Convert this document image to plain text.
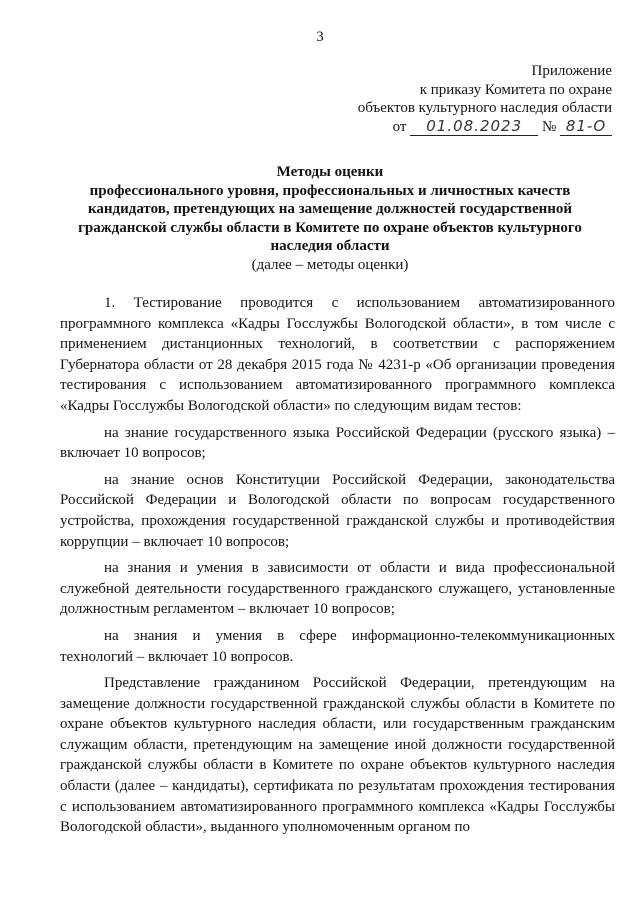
3
Приложение
к приказу Комитета по охране
объектов культурного наследия области
от
	01.08.2023
	№
81-О
Методы оценки
профессионального уровня, профессиональных и личностных качеств
кандидатов, претендующих на замещение должностей государственной
гражданской службы области в Комитете по охране объектов культурного
наследия области
(далее – методы оценки)

1. Тестирование проводится с использованием автоматизированного программного комплекса «Кадры Госслужбы Вологодской области», в том числе с применением дистанционных технологий, в соответствии с распоряжением Губернатора области от 28 декабря 2015 года № 4231-р «Об организации проведения тестирования с использованием автоматизированного программного комплекса «Кадры Госслужбы Вологодской области» по следующим видам тестов:

на знание государственного языка Российской Федерации (русского языка) – включает 10 вопросов;

на знание основ Конституции Российской Федерации, законодательства Российской Федерации и Вологодской области по вопросам государственного устройства, прохождения государственной гражданской службы и противодействия коррупции – включает 10 вопросов;

на знания и умения в зависимости от области и вида профессиональной служебной деятельности государственного гражданского служащего, установленные должностным регламентом – включает 10 вопросов;

на знания и умения в сфере информационно-телекоммуникационных технологий – включает 10 вопросов.

Представление гражданином Российской Федерации, претендующим на замещение должности государственной гражданской службы области в Комитете по охране объектов культурного наследия области, или государственным гражданским служащим области, претендующим на замещение иной должности государственной гражданской службы области в Комитете по охране объектов культурного наследия области (далее – кандидаты), сертификата по результатам прохождения тестирования с использованием автоматизированного программного комплекса «Кадры Госслужбы Вологодской области», выданного уполномоченным органом по
